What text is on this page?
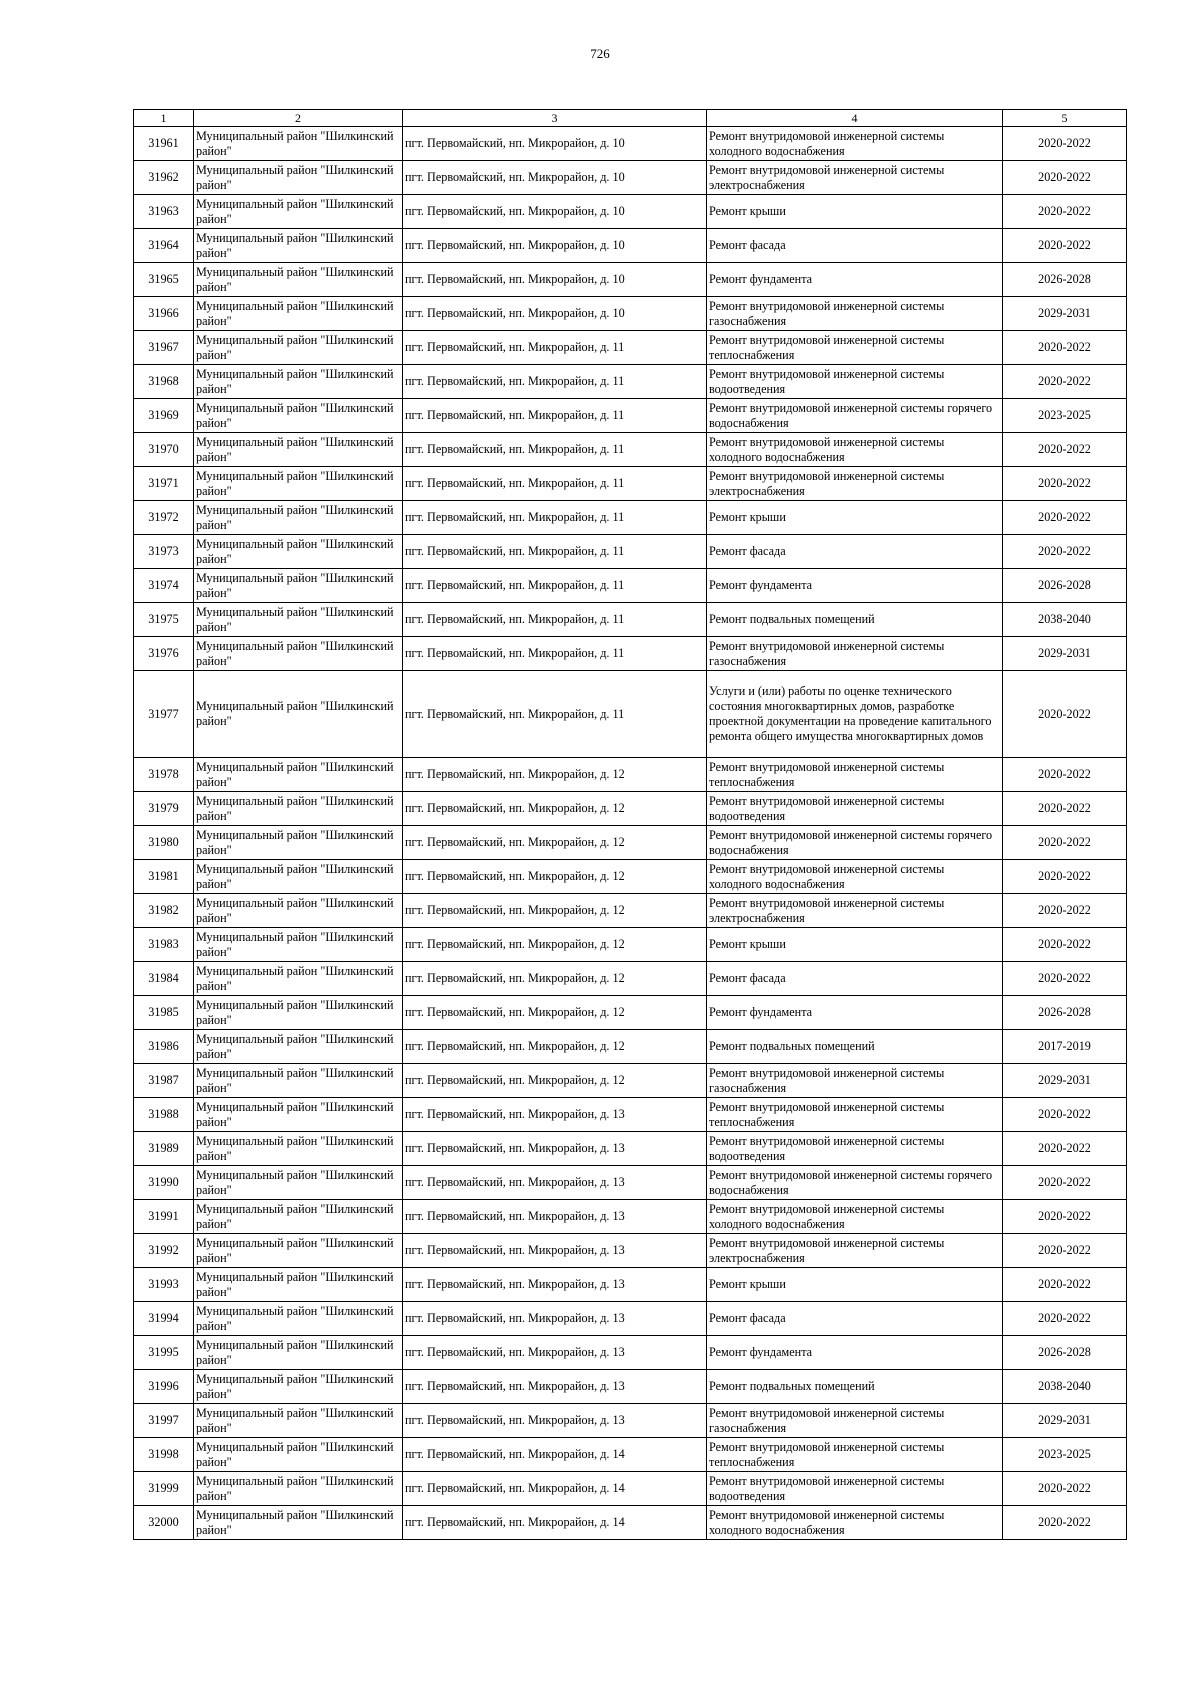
726
1	2	3	4	5
31961	Муниципальный район "Шилкинский район"	пгт. Первомайский, нп. Микрорайон, д. 10	Ремонт внутридомовой инженерной системы холодного водоснабжения	2020-2022
31962	Муниципальный район "Шилкинский район"	пгт. Первомайский, нп. Микрорайон, д. 10	Ремонт внутридомовой инженерной системы электроснабжения	2020-2022
31963	Муниципальный район "Шилкинский район"	пгт. Первомайский, нп. Микрорайон, д. 10	Ремонт крыши	2020-2022
31964	Муниципальный район "Шилкинский район"	пгт. Первомайский, нп. Микрорайон, д. 10	Ремонт фасада	2020-2022
31965	Муниципальный район "Шилкинский район"	пгт. Первомайский, нп. Микрорайон, д. 10	Ремонт фундамента	2026-2028
31966	Муниципальный район "Шилкинский район"	пгт. Первомайский, нп. Микрорайон, д. 10	Ремонт внутридомовой инженерной системы газоснабжения	2029-2031
31967	Муниципальный район "Шилкинский район"	пгт. Первомайский, нп. Микрорайон, д. 11	Ремонт внутридомовой инженерной системы теплоснабжения	2020-2022
31968	Муниципальный район "Шилкинский район"	пгт. Первомайский, нп. Микрорайон, д. 11	Ремонт внутридомовой инженерной системы водоотведения	2020-2022
31969	Муниципальный район "Шилкинский район"	пгт. Первомайский, нп. Микрорайон, д. 11	Ремонт внутридомовой инженерной системы горячего водоснабжения	2023-2025
31970	Муниципальный район "Шилкинский район"	пгт. Первомайский, нп. Микрорайон, д. 11	Ремонт внутридомовой инженерной системы холодного водоснабжения	2020-2022
31971	Муниципальный район "Шилкинский район"	пгт. Первомайский, нп. Микрорайон, д. 11	Ремонт внутридомовой инженерной системы электроснабжения	2020-2022
31972	Муниципальный район "Шилкинский район"	пгт. Первомайский, нп. Микрорайон, д. 11	Ремонт крыши	2020-2022
31973	Муниципальный район "Шилкинский район"	пгт. Первомайский, нп. Микрорайон, д. 11	Ремонт фасада	2020-2022
31974	Муниципальный район "Шилкинский район"	пгт. Первомайский, нп. Микрорайон, д. 11	Ремонт фундамента	2026-2028
31975	Муниципальный район "Шилкинский район"	пгт. Первомайский, нп. Микрорайон, д. 11	Ремонт подвальных помещений	2038-2040
31976	Муниципальный район "Шилкинский район"	пгт. Первомайский, нп. Микрорайон, д. 11	Ремонт внутридомовой инженерной системы газоснабжения	2029-2031
31977	Муниципальный район "Шилкинский район"	пгт. Первомайский, нп. Микрорайон, д. 11	Услуги и (или) работы по оценке технического состояния многоквартирных домов, разработке проектной документации на проведение капитального ремонта общего имущества многоквартирных домов	2020-2022
31978	Муниципальный район "Шилкинский район"	пгт. Первомайский, нп. Микрорайон, д. 12	Ремонт внутридомовой инженерной системы теплоснабжения	2020-2022
31979	Муниципальный район "Шилкинский район"	пгт. Первомайский, нп. Микрорайон, д. 12	Ремонт внутридомовой инженерной системы водоотведения	2020-2022
31980	Муниципальный район "Шилкинский район"	пгт. Первомайский, нп. Микрорайон, д. 12	Ремонт внутридомовой инженерной системы горячего водоснабжения	2020-2022
31981	Муниципальный район "Шилкинский район"	пгт. Первомайский, нп. Микрорайон, д. 12	Ремонт внутридомовой инженерной системы холодного водоснабжения	2020-2022
31982	Муниципальный район "Шилкинский район"	пгт. Первомайский, нп. Микрорайон, д. 12	Ремонт внутридомовой инженерной системы электроснабжения	2020-2022
31983	Муниципальный район "Шилкинский район"	пгт. Первомайский, нп. Микрорайон, д. 12	Ремонт крыши	2020-2022
31984	Муниципальный район "Шилкинский район"	пгт. Первомайский, нп. Микрорайон, д. 12	Ремонт фасада	2020-2022
31985	Муниципальный район "Шилкинский район"	пгт. Первомайский, нп. Микрорайон, д. 12	Ремонт фундамента	2026-2028
31986	Муниципальный район "Шилкинский район"	пгт. Первомайский, нп. Микрорайон, д. 12	Ремонт подвальных помещений	2017-2019
31987	Муниципальный район "Шилкинский район"	пгт. Первомайский, нп. Микрорайон, д. 12	Ремонт внутридомовой инженерной системы газоснабжения	2029-2031
31988	Муниципальный район "Шилкинский район"	пгт. Первомайский, нп. Микрорайон, д. 13	Ремонт внутридомовой инженерной системы теплоснабжения	2020-2022
31989	Муниципальный район "Шилкинский район"	пгт. Первомайский, нп. Микрорайон, д. 13	Ремонт внутридомовой инженерной системы водоотведения	2020-2022
31990	Муниципальный район "Шилкинский район"	пгт. Первомайский, нп. Микрорайон, д. 13	Ремонт внутридомовой инженерной системы горячего водоснабжения	2020-2022
31991	Муниципальный район "Шилкинский район"	пгт. Первомайский, нп. Микрорайон, д. 13	Ремонт внутридомовой инженерной системы холодного водоснабжения	2020-2022
31992	Муниципальный район "Шилкинский район"	пгт. Первомайский, нп. Микрорайон, д. 13	Ремонт внутридомовой инженерной системы электроснабжения	2020-2022
31993	Муниципальный район "Шилкинский район"	пгт. Первомайский, нп. Микрорайон, д. 13	Ремонт крыши	2020-2022
31994	Муниципальный район "Шилкинский район"	пгт. Первомайский, нп. Микрорайон, д. 13	Ремонт фасада	2020-2022
31995	Муниципальный район "Шилкинский район"	пгт. Первомайский, нп. Микрорайон, д. 13	Ремонт фундамента	2026-2028
31996	Муниципальный район "Шилкинский район"	пгт. Первомайский, нп. Микрорайон, д. 13	Ремонт подвальных помещений	2038-2040
31997	Муниципальный район "Шилкинский район"	пгт. Первомайский, нп. Микрорайон, д. 13	Ремонт внутридомовой инженерной системы газоснабжения	2029-2031
31998	Муниципальный район "Шилкинский район"	пгт. Первомайский, нп. Микрорайон, д. 14	Ремонт внутридомовой инженерной системы теплоснабжения	2023-2025
31999	Муниципальный район "Шилкинский район"	пгт. Первомайский, нп. Микрорайон, д. 14	Ремонт внутридомовой инженерной системы водоотведения	2020-2022
32000	Муниципальный район "Шилкинский район"	пгт. Первомайский, нп. Микрорайон, д. 14	Ремонт внутридомовой инженерной системы холодного водоснабжения	2020-2022
